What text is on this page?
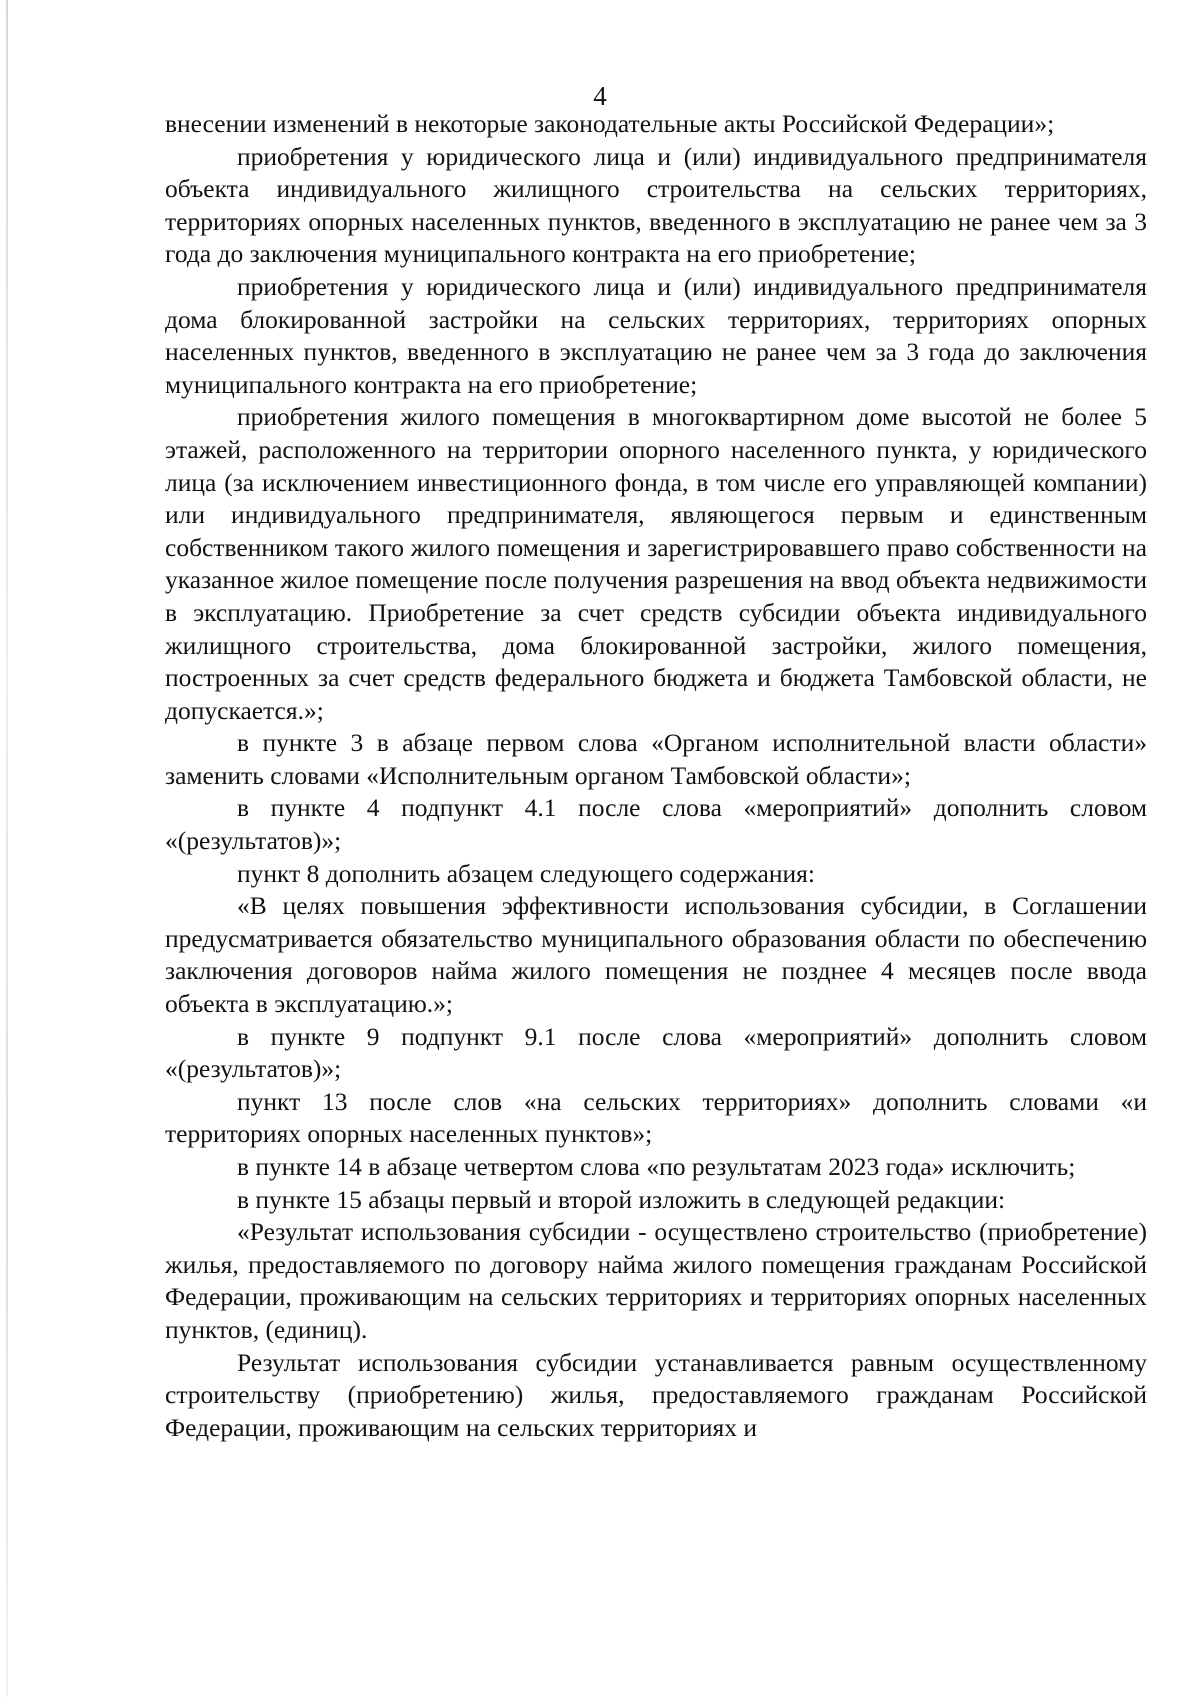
4

внесении изменений в некоторые законодательные акты Российской Федерации»;

приобретения у юридического лица и (или) индивидуального предпринимателя объекта индивидуального жилищного строительства на сельских территориях, территориях опорных населенных пунктов, введенного в эксплуатацию не ранее чем за 3 года до заключения муниципального контракта на его приобретение;

приобретения у юридического лица и (или) индивидуального предпринимателя дома блокированной застройки на сельских территориях, территориях опорных населенных пунктов, введенного в эксплуатацию не ранее чем за 3 года до заключения муниципального контракта на его приобретение;

приобретения жилого помещения в многоквартирном доме высотой не более 5 этажей, расположенного на территории опорного населенного пункта, у юридического лица (за исключением инвестиционного фонда, в том числе его управляющей компании) или индивидуального предпринимателя, являющегося первым и единственным собственником такого жилого помещения и зарегистрировавшего право собственности на указанное жилое помещение после получения разрешения на ввод объекта недвижимости в эксплуатацию. Приобретение за счет средств субсидии объекта индивидуального жилищного строительства, дома блокированной застройки, жилого помещения, построенных за счет средств федерального бюджета и бюджета Тамбовской области, не допускается.»;

в пункте 3 в абзаце первом слова «Органом исполнительной власти области» заменить словами «Исполнительным органом Тамбовской области»;

в пункте 4 подпункт 4.1 после слова «мероприятий» дополнить словом «(результатов)»;

пункт 8 дополнить абзацем следующего содержания:

«В целях повышения эффективности использования субсидии, в Соглашении предусматривается обязательство муниципального образования области по обеспечению заключения договоров найма жилого помещения не позднее 4 месяцев после ввода объекта в эксплуатацию.»;

в пункте 9 подпункт 9.1 после слова «мероприятий» дополнить словом «(результатов)»;

пункт 13 после слов «на сельских территориях» дополнить словами «и территориях опорных населенных пунктов»;

в пункте 14 в абзаце четвертом слова «по результатам 2023 года» исключить;

в пункте 15 абзацы первый и второй изложить в следующей редакции:

«Результат использования субсидии - осуществлено строительство (приобретение) жилья, предоставляемого по договору найма жилого помещения гражданам Российской Федерации, проживающим на сельских территориях и территориях опорных населенных пунктов, (единиц).

Результат использования субсидии устанавливается равным осуществленному строительству (приобретению) жилья, предоставляемого гражданам Российской Федерации, проживающим на сельских территориях и
